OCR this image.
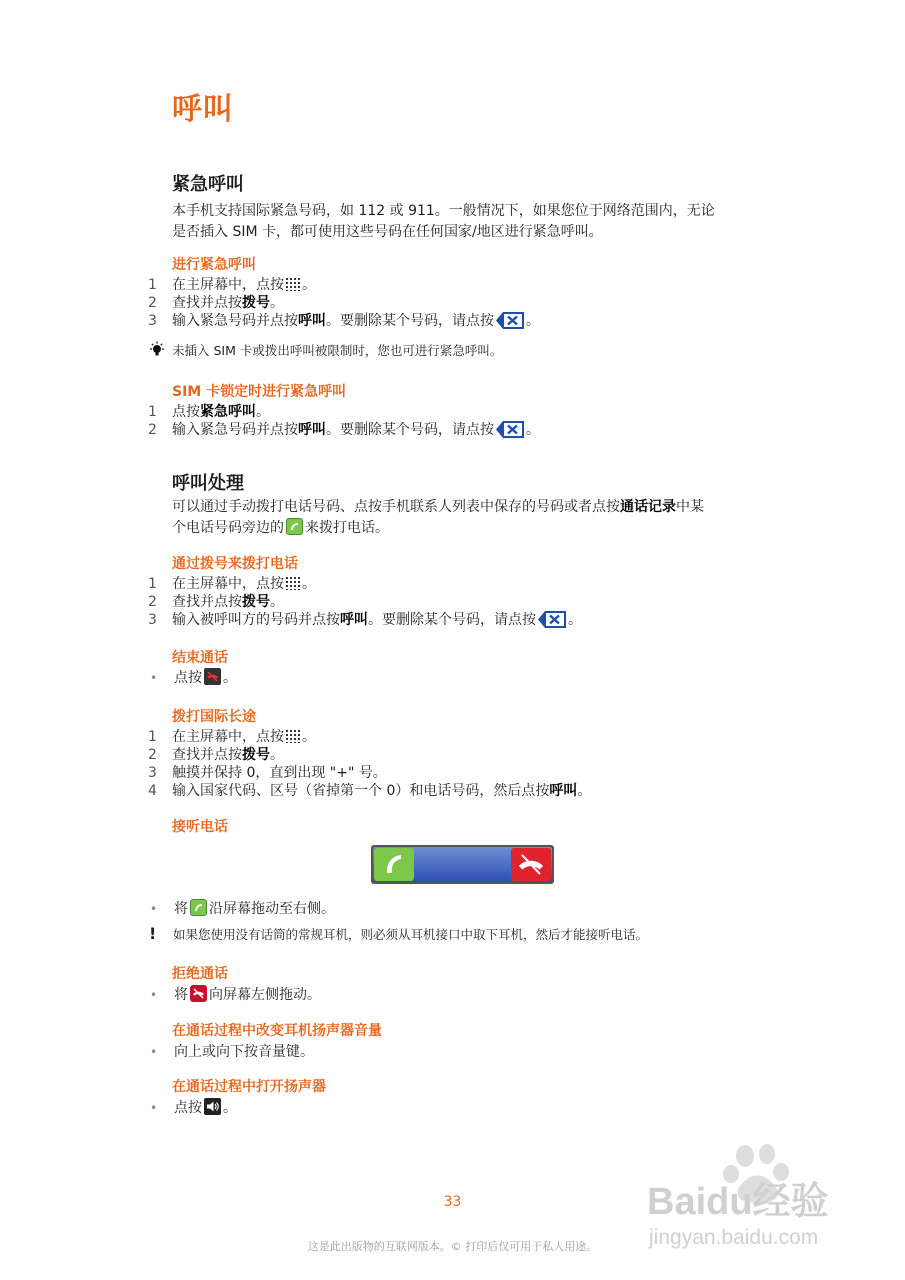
呼叫
紧急呼叫
本手机支持国际紧急号码，如 112 或 911。一般情况下，如果您位于网络范围内，无论
是否插入 SIM 卡，都可使用这些号码在任何国家/地区进行紧急呼叫。
进行紧急呼叫
1 在主屏幕中，点按 。
2 查找并点按拨号。
3 输入紧急号码并点按呼叫。要删除某个号码，请点按 。
未插入 SIM 卡或拨出呼叫被限制时，您也可进行紧急呼叫。
SIM 卡锁定时进行紧急呼叫
1 点按紧急呼叫。
2 输入紧急号码并点按呼叫。要删除某个号码，请点按 。
呼叫处理
可以通过手动拨打电话号码、点按手机联系人列表中保存的号码或者点按通话记录中某
个电话号码旁边的 来拨打电话。
通过拨号来拨打电话
1 在主屏幕中，点按 。
2 查找并点按拨号。
3 输入被呼叫方的号码并点按呼叫。要删除某个号码，请点按 。
结束通话
• 点按 。
拨打国际长途
1 在主屏幕中，点按 。
2 查找并点按拨号。
3 触摸并保持 0，直到出现 "+" 号。
4 输入国家代码、区号（省掉第一个 0）和电话号码，然后点按呼叫。
接听电话
• 将 沿屏幕拖动至右侧。
! 如果您使用没有话筒的常规耳机，则必须从耳机接口中取下耳机，然后才能接听电话。
拒绝通话
• 将 向屏幕左侧拖动。
在通话过程中改变耳机扬声器音量
• 向上或向下按音量键。
在通话过程中打开扬声器
• 点按 。
Baidu经验
jingyan.baidu.com
33
这是此出版物的互联网版本。© 打印后仅可用于私人用途。
